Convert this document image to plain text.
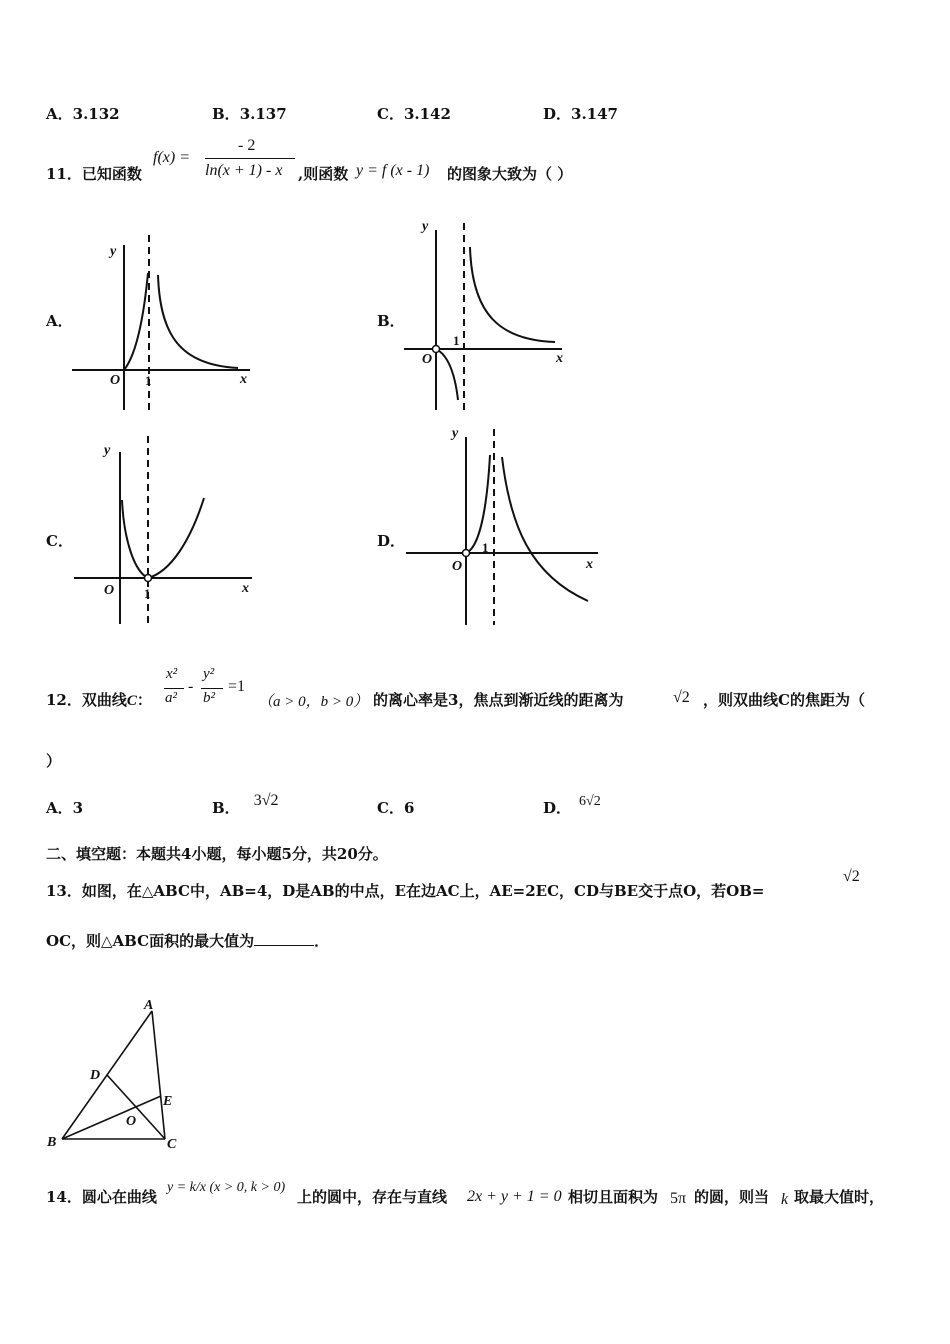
A．3.132	B．3.137	C．3.142	D．3.147
11．已知函数
f(x) =
- 2
ln(x + 1) - x ,则函数 y = f (x - 1) 的图象大致为（ ）
A．	B．
C．	D．
y
x
O 1
y
x
O
1
y
x
O 1
y
x
O
1
12．双曲线C：
x²
a²
-
y²
b²
=1
（a > 0，b > 0） 的离心率是3，焦点到渐近线的距离为	√2 ，则双曲线C的焦距为（
）
A．3	B． 3√2	C．6	D． 6√2
二、填空题：本题共4小题，每小题5分，共20分。
13．如图，在△ABC中，AB=4，D是AB的中点，E在边AC上，AE=2EC，CD与BE交于点O，若OB=
√2
OC，则△ABC面积的最大值为	．
A
B	C
D
E
O
14．圆心在曲线
y = k/x (x > 0, k > 0)
上的圆中，存在与直线 2x + y + 1 = 0 相切且面积为 5π 的圆，则当 k 取最大值时，
